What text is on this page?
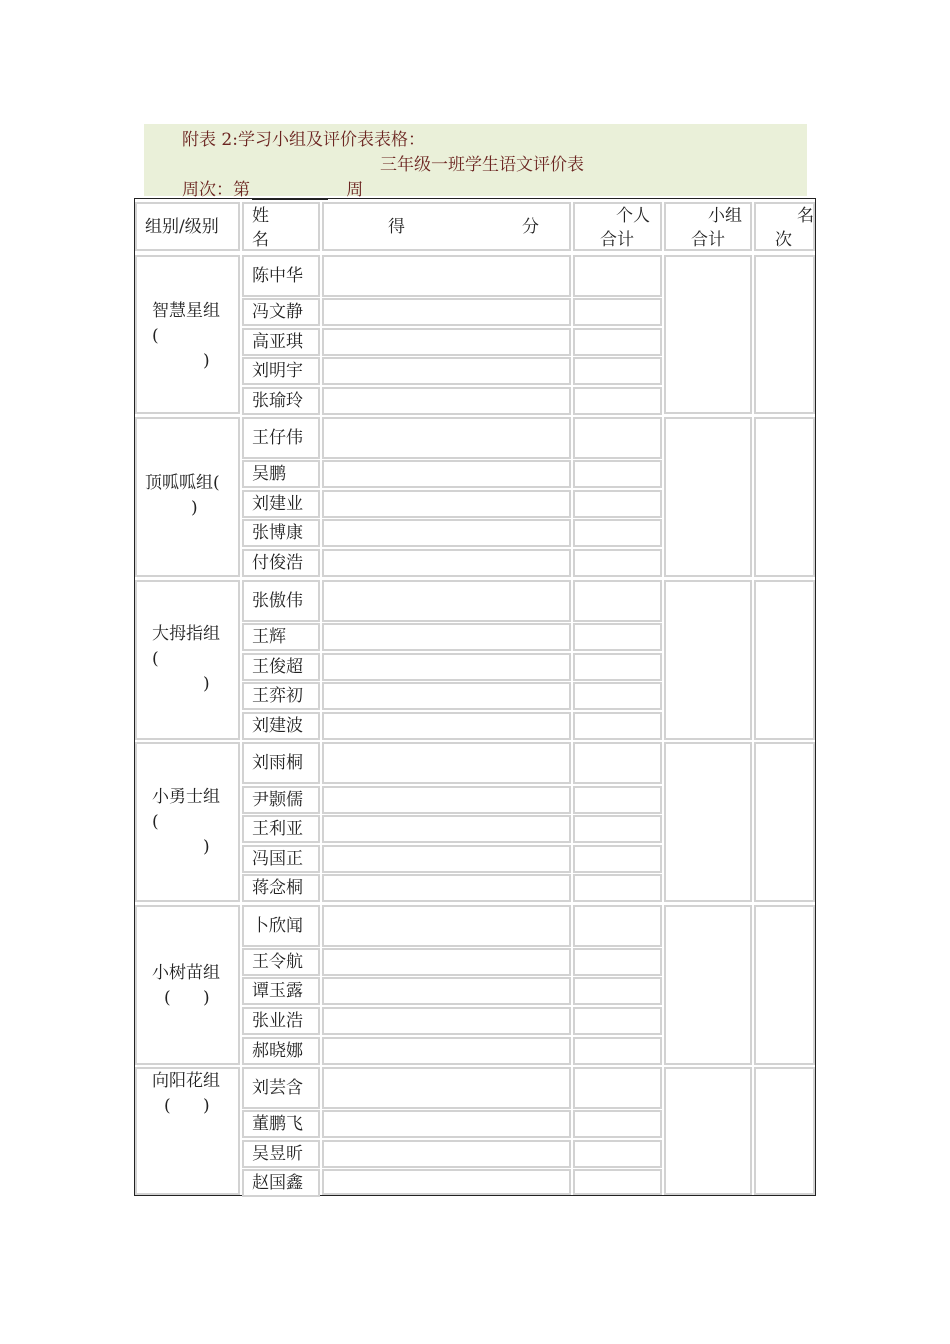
附表 2:学习小组及评价表表格：
三年级一班学生语文评价表
周次：第	周
组别/级别
姓
名
得	分
个人
合计
小组
合计
名
次
智慧星组
(
)
陈中华
冯文静
高亚琪
刘明宇
张瑜玲
顶呱呱组(
)
王仔伟
吴鹏
刘建业
张博康
付俊浩
大拇指组
(
)
张傲伟
王辉
王俊超
王弈初
刘建波
小勇士组
(
)
刘雨桐
尹颢儒
王利亚
冯国正
蒋念桐
小树苗组
(      )
卜欣闻
王令航
谭玉露
张业浩
郝晓娜
向阳花组
(      )
刘芸含
董鹏飞
吴昱昕
赵国鑫
